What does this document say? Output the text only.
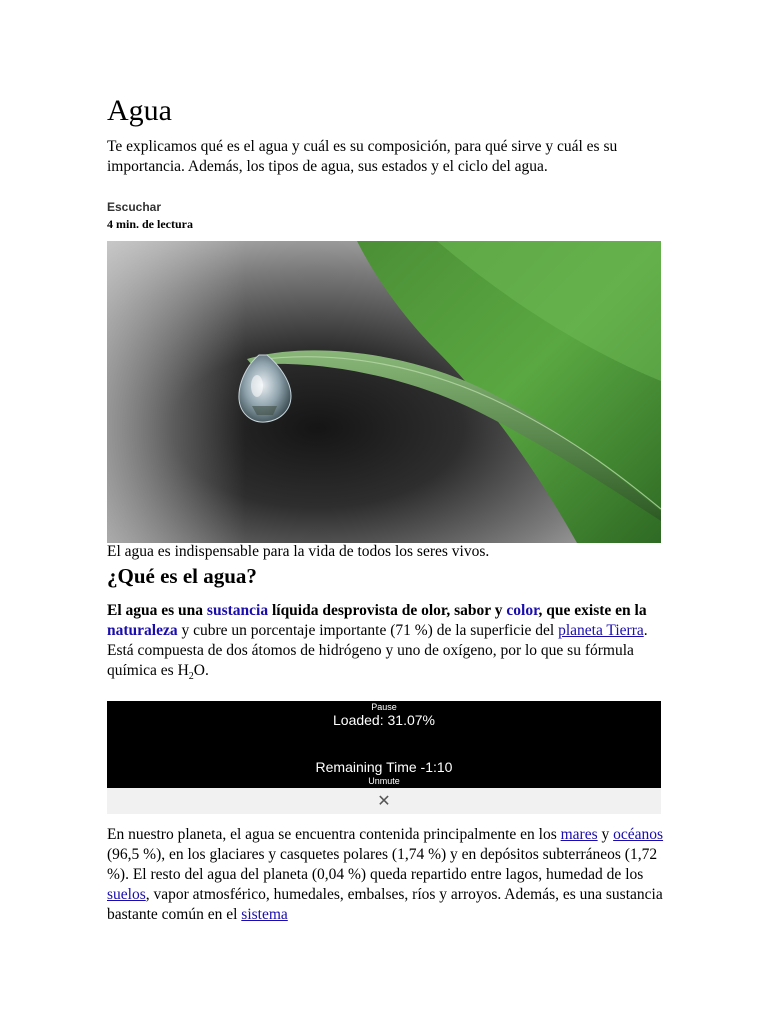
Agua

Te explicamos qué es el agua y cuál es su composición, para qué sirve y cuál es su importancia. Además, los tipos de agua, sus estados y el ciclo del agua.

Escuchar
4 min. de lectura

El agua es indispensable para la vida de todos los seres vivos.

¿Qué es el agua?

El agua es una sustancia líquida desprovista de olor, sabor y color, que existe en la naturaleza y cubre un porcentaje importante (71 %) de la superficie del planeta Tierra. Está compuesta de dos átomos de hidrógeno y uno de oxígeno, por lo que su fórmula química es $H_2O$.

Pause
Loaded: 31.07%
Remaining Time -1:10
Unmute
✕

En nuestro planeta, el agua se encuentra contenida principalmente en los mares y océanos (96,5 %), en los glaciares y casquetes polares (1,74 %) y en depósitos subterráneos (1,72 %). El resto del agua del planeta (0,04 %) queda repartido entre lagos, humedad de los suelos, vapor atmosférico, humedales, embalses, ríos y arroyos. Además, es una sustancia bastante común en el sistema
